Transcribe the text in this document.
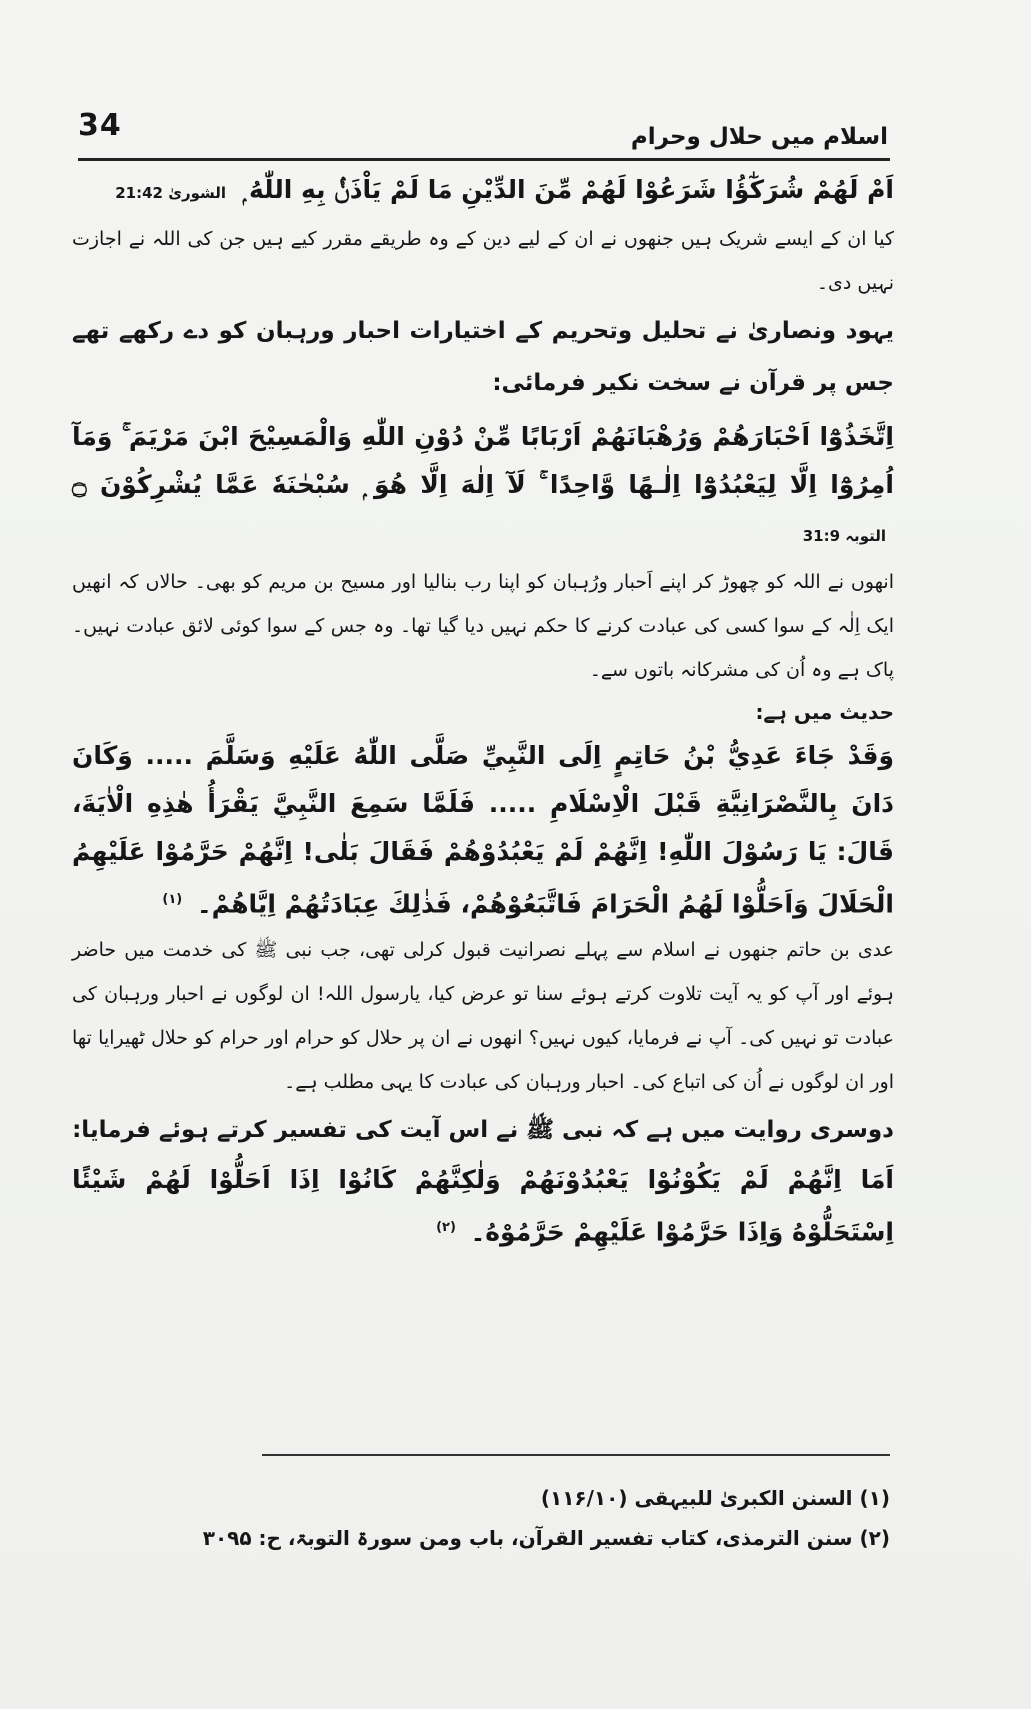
34	اسلام میں حلال وحرام

اَمْ لَهُمْ شُرَكٰٓؤُا شَرَعُوْا لَهُمْ مِّنَ الدِّيْنِ مَا لَمْ يَاْذَنْۢ بِهِ اللّٰهُ ۭ الشوریٰ 21:42

کیا ان کے ایسے شریک ہیں جنھوں نے ان کے لیے دین کے وہ طریقے مقرر کیے ہیں جن کی اللہ نے اجازت نہیں دی۔

یہود ونصاریٰ نے تحلیل وتحریم کے اختیارات احبار ورہبان کو دے رکھے تھے جس پر قرآن نے سخت نکیر فرمائی:

اِتَّخَذُوْٓا اَحْبَارَهُمْ وَرُهْبَانَهُمْ اَرْبَابًا مِّنْ دُوْنِ اللّٰهِ وَالْمَسِيْحَ ابْنَ مَرْيَمَ ۚ وَمَآ
اُمِرُوْٓا اِلَّا لِيَعْبُدُوْٓا اِلٰـهًا وَّاحِدًا ۚ لَآ اِلٰهَ اِلَّا هُوَ ۭ سُبْحٰنَهٗ عَمَّا يُشْرِكُوْنَ ۝ التوبہ 31:9

انھوں نے اللہ کو چھوڑ کر اپنے اَحبار ورُہبان کو اپنا رب بنالیا اور مسیح بن مریم کو بھی۔ حالاں کہ انھیں ایک اِلٰہ کے سوا کسی کی عبادت کرنے کا حکم نہیں دیا گیا تھا۔ وہ جس کے سوا کوئی لائق عبادت نہیں۔ پاک ہے وہ اُن کی مشرکانہ باتوں سے۔

حدیث میں ہے:

وَقَدْ جَاءَ عَدِيُّ بْنُ حَاتِمٍ اِلَى النَّبِيِّ صَلَّى اللّٰهُ عَلَيْهِ وَسَلَّمَ ..... وَكَانَ دَانَ بِالنَّصْرَانِيَّةِ قَبْلَ الْاِسْلَامِ ..... فَلَمَّا سَمِعَ النَّبِيَّ يَقْرَأُ هٰذِهِ الْاٰيَةَ، قَالَ: يَا رَسُوْلَ اللّٰهِ! اِنَّهُمْ لَمْ يَعْبُدُوْهُمْ فَقَالَ بَلٰى! اِنَّهُمْ حَرَّمُوْا عَلَيْهِمُ الْحَلَالَ وَاَحَلُّوْا لَهُمُ الْحَرَامَ فَاتَّبَعُوْهُمْ، فَذٰلِكَ عِبَادَتُهُمْ اِيَّاهُمْ۔ $^{(۱)}$

عدی بن حاتم جنھوں نے اسلام سے پہلے نصرانیت قبول کرلی تھی، جب نبی ﷺ کی خدمت میں حاضر ہوئے اور آپ کو یہ آیت تلاوت کرتے ہوئے سنا تو عرض کیا، یارسول اللہ! ان لوگوں نے احبار ورہبان کی عبادت تو نہیں کی۔ آپ نے فرمایا، کیوں نہیں؟ انھوں نے ان پر حلال کو حرام اور حرام کو حلال ٹھیرایا تھا اور ان لوگوں نے اُن کی اتباع کی۔ احبار ورہبان کی عبادت کا یہی مطلب ہے۔

دوسری روایت میں ہے کہ نبی ﷺ نے اس آیت کی تفسیر کرتے ہوئے فرمایا:

اَمَا اِنَّهُمْ لَمْ يَكُوْنُوْا يَعْبُدُوْنَهُمْ وَلٰكِنَّهُمْ كَانُوْا اِذَا اَحَلُّوْا لَهُمْ شَيْئًا اِسْتَحَلُّوْهُ وَاِذَا حَرَّمُوْا عَلَيْهِمْ حَرَّمُوْهُ۔ $^{(۲)}$

(۱) السنن الکبریٰ للبیہقی (۱۱۶/۱۰)
(۲) سنن الترمذی، کتاب تفسیر القرآن، باب ومن سورۃ التوبۃ، ح: ۳۰۹۵
